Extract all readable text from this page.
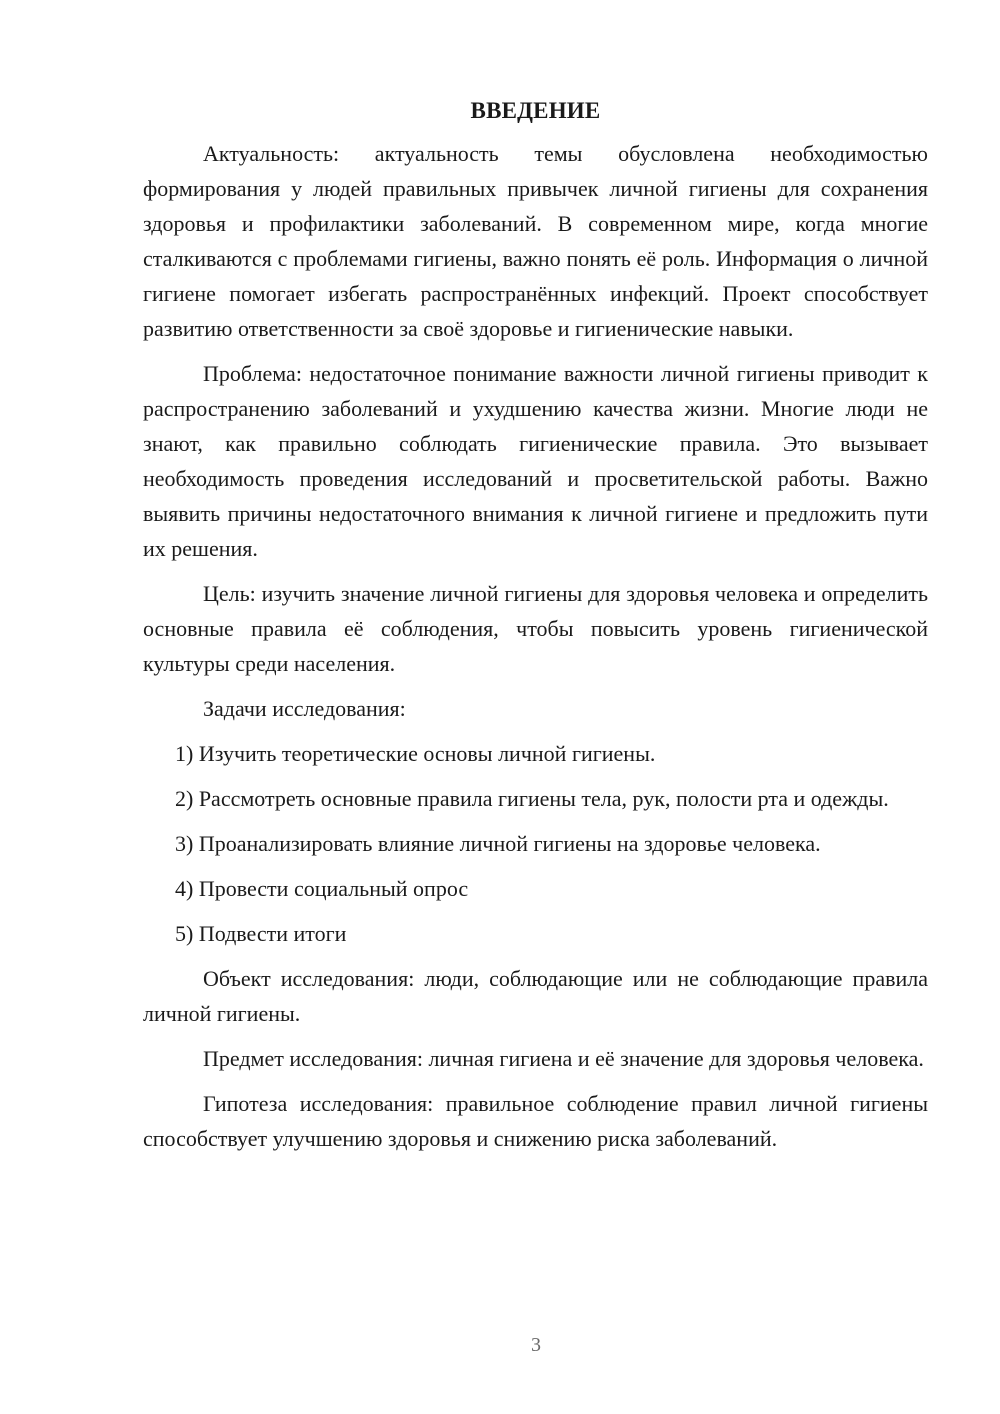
ВВЕДЕНИЕ

Актуальность: актуальность темы обусловлена необходимостью формирования у людей правильных привычек личной гигиены для сохранения здоровья и профилактики заболеваний. В современном мире, когда многие сталкиваются с проблемами гигиены, важно понять её роль. Информация о личной гигиене помогает избегать распространённых инфекций. Проект способствует развитию ответственности за своё здоровье и гигиенические навыки.

Проблема: недостаточное понимание важности личной гигиены приводит к распространению заболеваний и ухудшению качества жизни. Многие люди не знают, как правильно соблюдать гигиенические правила. Это вызывает необходимость проведения исследований и просветительской работы. Важно выявить причины недостаточного внимания к личной гигиене и предложить пути их решения.

Цель: изучить значение личной гигиены для здоровья человека и определить основные правила её соблюдения, чтобы повысить уровень гигиенической культуры среди населения.

Задачи исследования:

1) Изучить теоретические основы личной гигиены.

2) Рассмотреть основные правила гигиены тела, рук, полости рта и одежды.

3) Проанализировать влияние личной гигиены на здоровье человека.

4) Провести социальный опрос

5) Подвести итоги

Объект исследования: люди, соблюдающие или не соблюдающие правила личной гигиены.

Предмет исследования: личная гигиена и её значение для здоровья человека.

Гипотеза исследования: правильное соблюдение правил личной гигиены способствует улучшению здоровья и снижению риска заболеваний.

3
